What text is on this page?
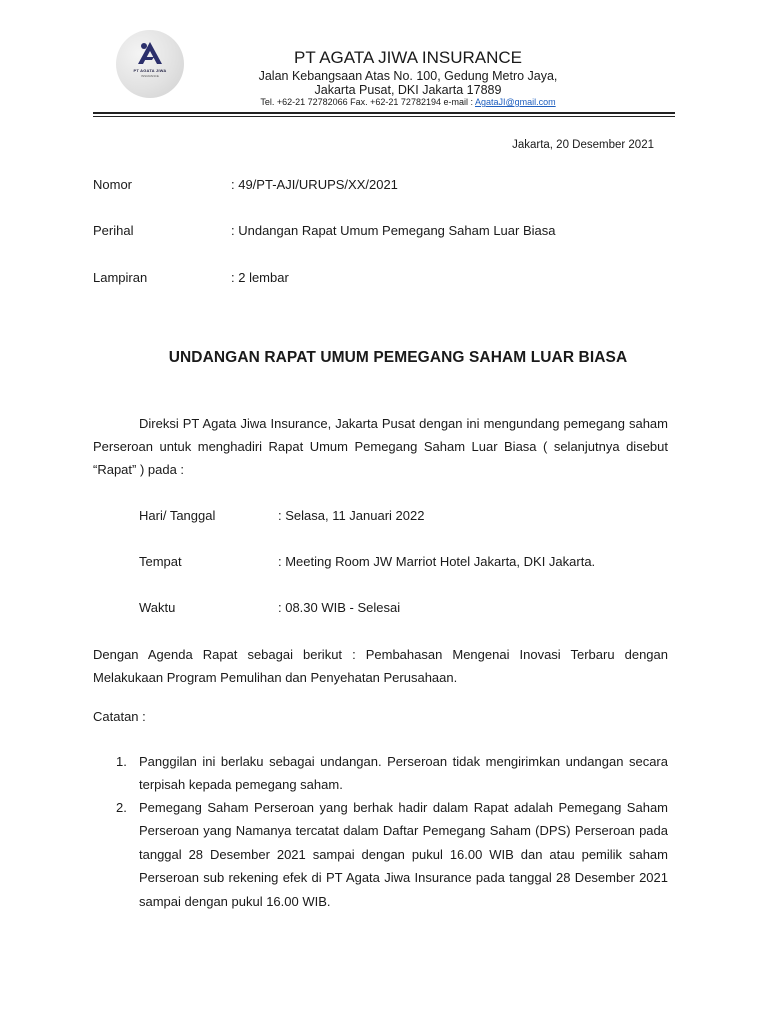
PT AGATA JIWA
INSURANCE
PT AGATA JIWA INSURANCE
Jalan Kebangsaan Atas No. 100, Gedung Metro Jaya,
Jakarta Pusat, DKI Jakarta 17889
Tel. +62-21 72782066 Fax. +62-21 72782194 e-mail : AgataJI@gmail.com
Jakarta, 20 Desember 2021
Nomor	: 49/PT-AJI/URUPS/XX/2021
Perihal	: Undangan Rapat Umum Pemegang Saham Luar Biasa
Lampiran	: 2 lembar
UNDANGAN RAPAT UMUM PEMEGANG SAHAM LUAR BIASA
Direksi PT Agata Jiwa Insurance, Jakarta Pusat dengan ini mengundang pemegang saham Perseroan untuk menghadiri Rapat Umum Pemegang Saham Luar Biasa ( selanjutnya disebut “Rapat” ) pada :
Hari/ Tanggal	: Selasa, 11 Januari 2022
Tempat	: Meeting Room JW Marriot Hotel Jakarta, DKI Jakarta.
Waktu	: 08.30 WIB - Selesai
Dengan Agenda Rapat sebagai berikut : Pembahasan Mengenai Inovasi Terbaru dengan Melakukaan Program Pemulihan dan Penyehatan Perusahaan.
Catatan :
1. Panggilan ini berlaku sebagai undangan. Perseroan tidak mengirimkan undangan secara terpisah kepada pemegang saham.
2. Pemegang Saham Perseroan yang berhak hadir dalam Rapat adalah Pemegang Saham Perseroan yang Namanya tercatat dalam Daftar Pemegang Saham (DPS) Perseroan pada tanggal 28 Desember 2021 sampai dengan pukul 16.00 WIB dan atau pemilik saham Perseroan sub rekening efek di PT Agata Jiwa Insurance pada tanggal 28 Desember 2021 sampai dengan pukul 16.00 WIB.
